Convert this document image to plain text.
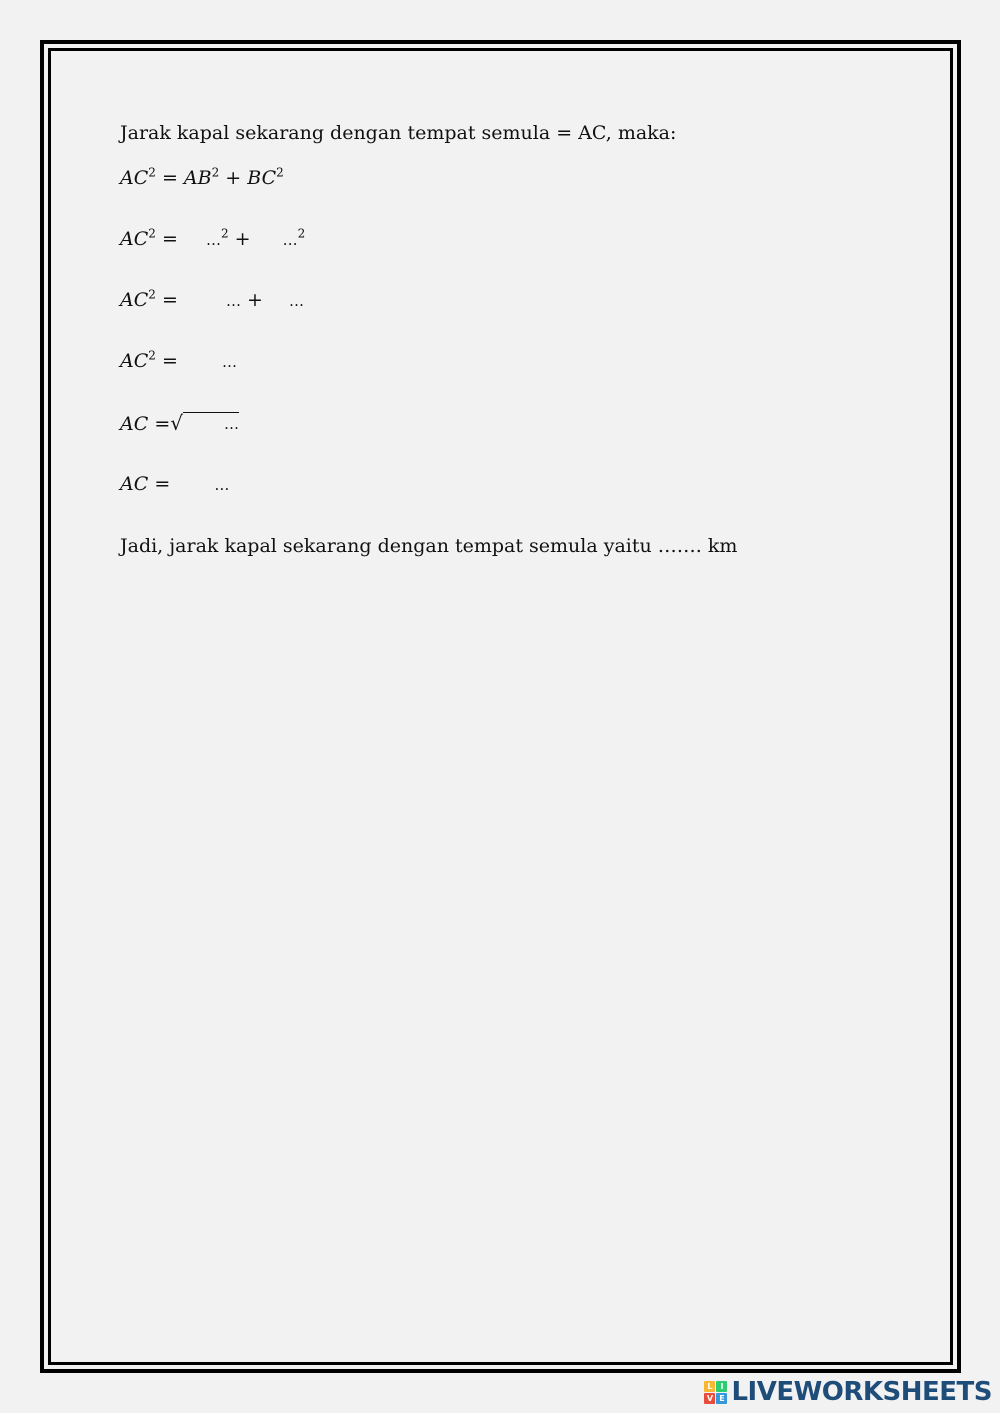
Jarak kapal sekarang dengan tempat semula = AC, maka:
$AC^2 = AB^2 + BC^2$
$AC^2$ = …$^2$ + …$^2$
$AC^2$ =	… + …
$AC^2$ =	…
AC =√	…
AC =	…
Jadi, jarak kapal sekarang dengan tempat semula yaitu ……. km
L I
V E LIVEWORKSHEETS
